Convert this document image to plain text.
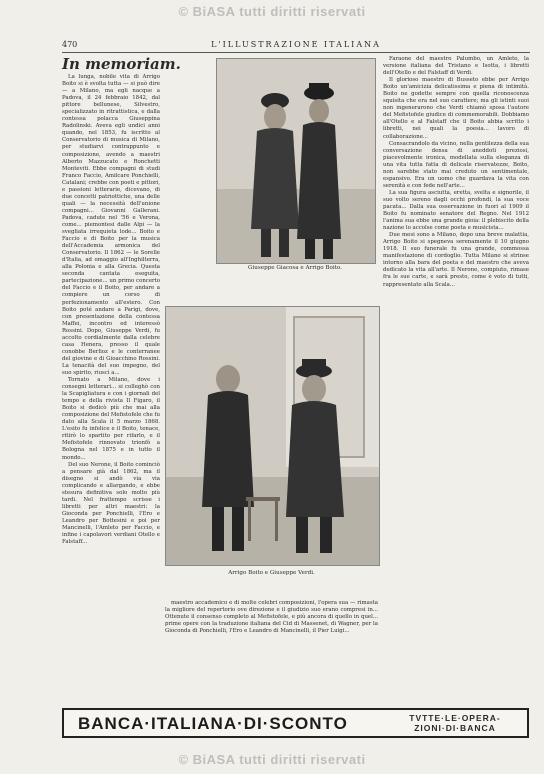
© BiASA tutti diritti riservati
470	L'ILLUSTRAZIONE ITALIANA
In memoriam.

La lunga, nobile vita di Arrigo Boito si è svolta tutta — si può dire — a Milano, ma egli nacque a Padova, il 24 febbraio 1842, dal pittore bellunese, Silvestro, specializzato in ritrattistica, e dalla contessa polacca Giuseppina Radolinski. Aveva egli undici anni quando, nel 1853, fu iscritto al Conservatorio di musica di Milano, per studiarvi contrappunto e composizione, avendo a maestri Alberto Mazzucato e Ronchetti Monteviti. Ebbe compagni di studi Franco Faccio, Amilcare Ponchielli, Catalani; crebbe con poeti e pittori, e passioni letterarie, dicevano, di due concetti patriottiche, una delle quali — la necessità dell'unione compagni... Giovanni Gallerani. Padova, cadute nel '56 e Verona, come... piemontesi dalle Alpi — la svegliata irrequieta lode... Boito e Faccio e di Boito per la musica dell'Accademia armonica del Conservatorio. Il 1862 — le Sorelle d'Italia, ad omaggio all'Inghilterra, alla Polonia e alla Grecia. Questa seconda cantata eseguita, partecipazione... un primo concerto del Faccio e il Boito, per andare a compiere un corso di perfezionamento all'estero. Con Boito poté andare a Parigi, dove, con presentazione della contessa Maffei, incontro ed interessò Rossini. Dopo, Giuseppe Verdi, fu accolto cordialmente dalla celebre casa Henera, presso il quale conobbe Berlioz e le conterranee del giovine e di Gioacchino Rossini. La tenacità del suo impegno, del suo spirito, riuscì a...

Tornato a Milano, dove i consegni letterari... si colleghò con la Scapigliatura e con i giornali del tempo e della rivista Il Figaro, il Boito si dedicò più che mai alla composizione del Mefistofele che fu dato alla Scala il 5 marzo 1868. L'esito fu infelice e il Boito, tenace, ritirò lo spartito per rifarlo, e il Mefistofele rinnovato trionfò a Bologna nel 1875 e in tutto il mondo...

Del suo Nerone, il Boito cominciò a pensare già dal 1862, ma il disegno si andò via via complicando e allargando, e ebbe stesura definitiva solo molto più tardi. Nel frattempo scrisse i libretti per altri maestri: la Gioconda per Ponchielli, l'Ero e Leandro per Bottesini e poi per Mancinelli, l'Amleto per Faccio, e infine i capolavori verdiani Otello e Falstaff...

Giuseppe Giacosa e Arrigo Boito.
Arrigo Boito e Giuseppe Verdi.

maestro accademico e di molte celebri composizioni, l'opera sua — rimasta la migliore del repertorio ove direzione e il giudizio suo erano compresi in... Ottenute il consenso completo al Mefistofele, e più ancora di quello in quel... prime opere con la traduzione italiana del Cid di Massenet, di Wagner, per la Gioconda di Ponchielli, l'Ero e Leandro di Mancinelli, il Pier Luigi...

Faraone del maestro Palumbo, un Amleto, la versione italiana del Tristano e Isotta, i libretti dell'Otello e del Falstaff di Verdi.

Il glorioso maestro di Busseto ebbe per Arrigo Boito un'amicizia delicatissima e piena di intimità. Boito ne godette sempre con quella riconoscenza squisita che era nel suo carattere; ma gli istinti suoi non ingenerarono che Verdi chiamò sposa l'autore del Mefistofele giudice di commemorabili. Dobbiamo all'Otello e al Falstaff che il Boito abbia scritto i libretti, nei quali la poesia... lavoro di collaborazione...

Consacrandolo da vicino, nella gentilezza della sua conversazione densa di aneddoti preziosi, piacevolmente ironica, modellata sulla eleganza di una vita tutta fatta di delicate riservatezze, Boito, non sarebbe stato mai creduto un sentimentale, espansivo. Era un uomo che guardava la vita con serenità e con fede nell'arte...

La sua figura asciutta, eretta, svelta e signorile, il suo volto sereno dagli occhi profondi, la sua voce pacata... Dalla sua osservazione in fuori al 1909 il Boito fu nominato senatore del Regno. Nel 1912 l'anima sua ebbe una grande gioia: il plebiscito della nazione lo accolse come poeta e musicista...

Due mesi sono a Milano, dopo una breve malattia, Arrigo Boito si spegneva serenamente il 10 giugno 1918. Il suo funerale fu una grande, commossa manifestazione di cordoglio. Tutta Milano si strinse intorno alla bara del poeta e del maestro che aveva dedicato la vita all'arte. Il Nerone, compiuto, rimase fra le sue carte, e sarà presto, come è voto di tutti, rappresentato alla Scala...

BANCA·ITALIANA·DI·SCONTO	TVTTE·LE·OPERA-
ZIONI·DI·BANCA
© BiASA tutti diritti riservati
